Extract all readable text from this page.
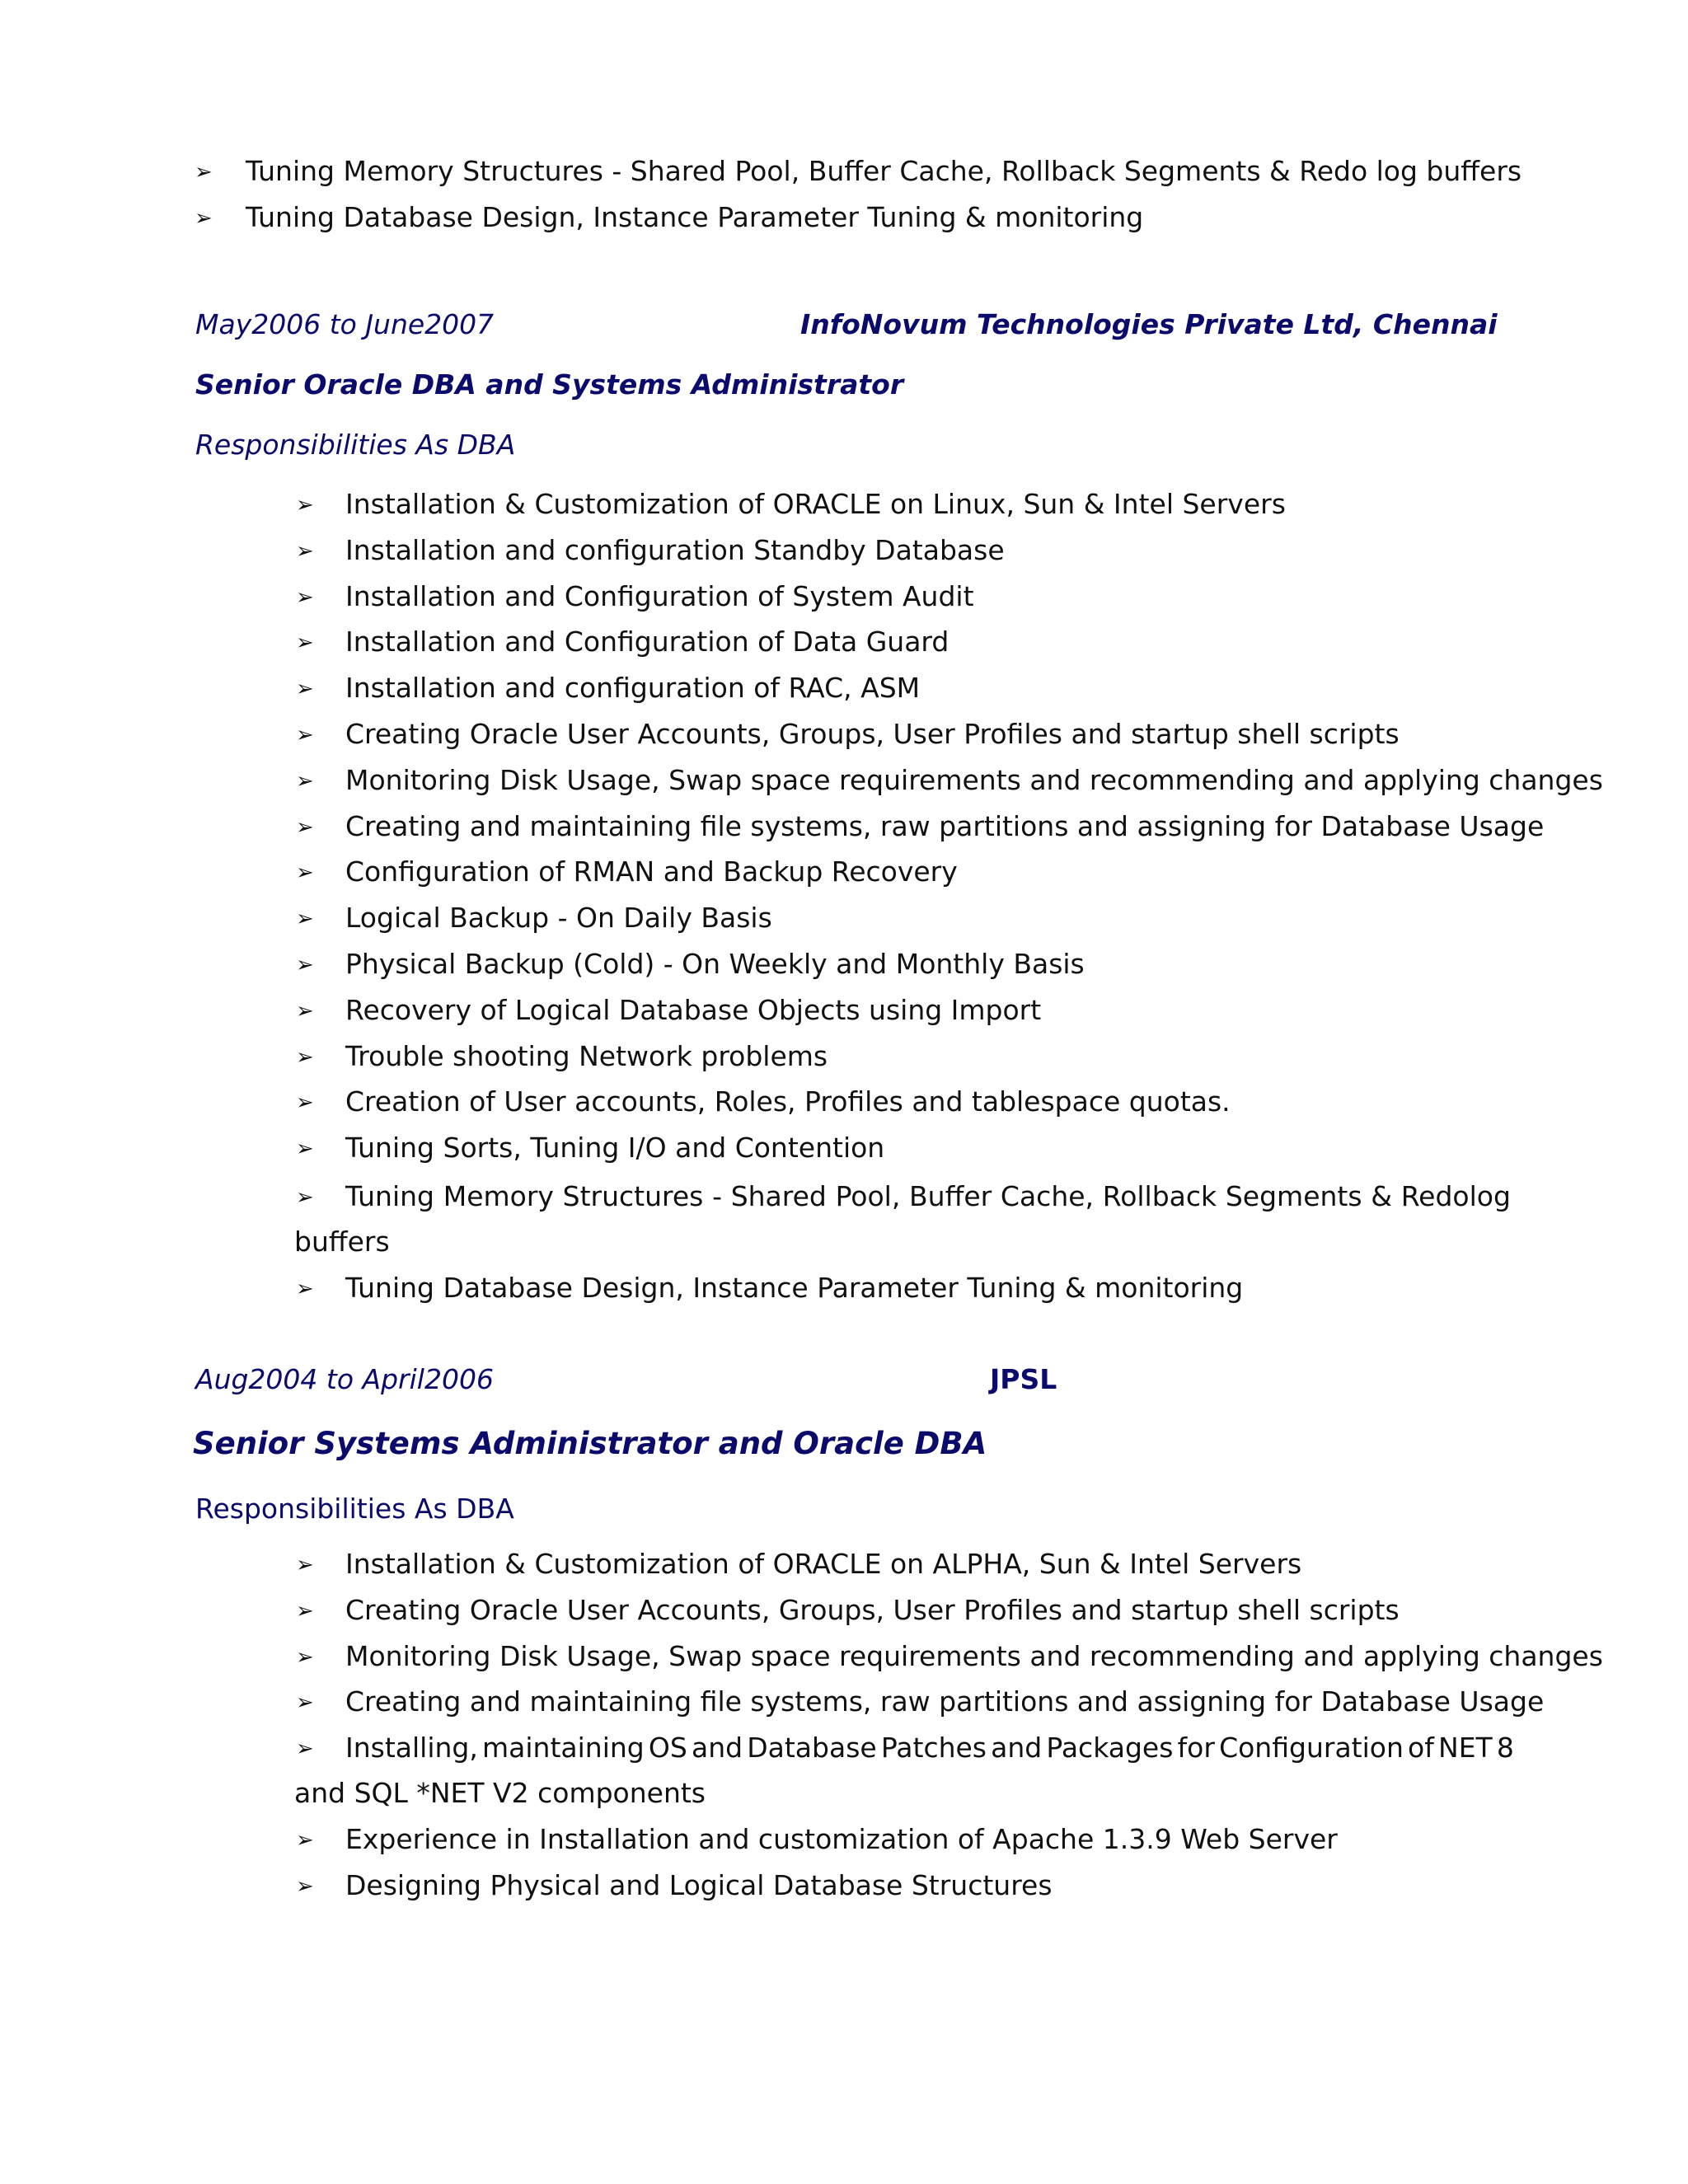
➢ Tuning Memory Structures - Shared Pool, Buffer Cache, Rollback Segments & Redo log buffers
➢ Tuning Database Design, Instance Parameter Tuning & monitoring
May2006 to June2007	InfoNovum Technologies Private Ltd, Chennai
Senior Oracle DBA and Systems Administrator
Responsibilities As DBA
➢ Installation & Customization of ORACLE on Linux, Sun & Intel Servers
➢ Installation and configuration Standby Database
➢ Installation and Configuration of System Audit
➢ Installation and Configuration of Data Guard
➢ Installation and configuration of RAC, ASM
➢ Creating Oracle User Accounts, Groups, User Profiles and startup shell scripts
➢ Monitoring Disk Usage, Swap space requirements and recommending and applying changes
➢ Creating and maintaining file systems, raw partitions and assigning for Database Usage
➢ Configuration of RMAN and Backup Recovery
➢ Logical Backup - On Daily Basis
➢ Physical Backup (Cold) - On Weekly and Monthly Basis
➢ Recovery of Logical Database Objects using Import
➢ Trouble shooting Network problems
➢ Creation of User accounts, Roles, Profiles and tablespace quotas.
➢ Tuning Sorts, Tuning I/O and Contention
➢ Tuning Memory Structures - Shared Pool, Buffer Cache, Rollback Segments & Redolog
buffers
➢ Tuning Database Design, Instance Parameter Tuning & monitoring
Aug2004 to April2006	JPSL
Senior Systems Administrator and Oracle DBA
Responsibilities As DBA
➢ Installation & Customization of ORACLE on ALPHA, Sun & Intel Servers
➢ Creating Oracle User Accounts, Groups, User Profiles and startup shell scripts
➢ Monitoring Disk Usage, Swap space requirements and recommending and applying changes
➢ Creating and maintaining file systems, raw partitions and assigning for Database Usage
➢ Installing, maintaining OS and Database Patches and Packages for Configuration of NET 8
and SQL *NET V2 components
➢ Experience in Installation and customization of Apache 1.3.9 Web Server
➢ Designing Physical and Logical Database Structures
